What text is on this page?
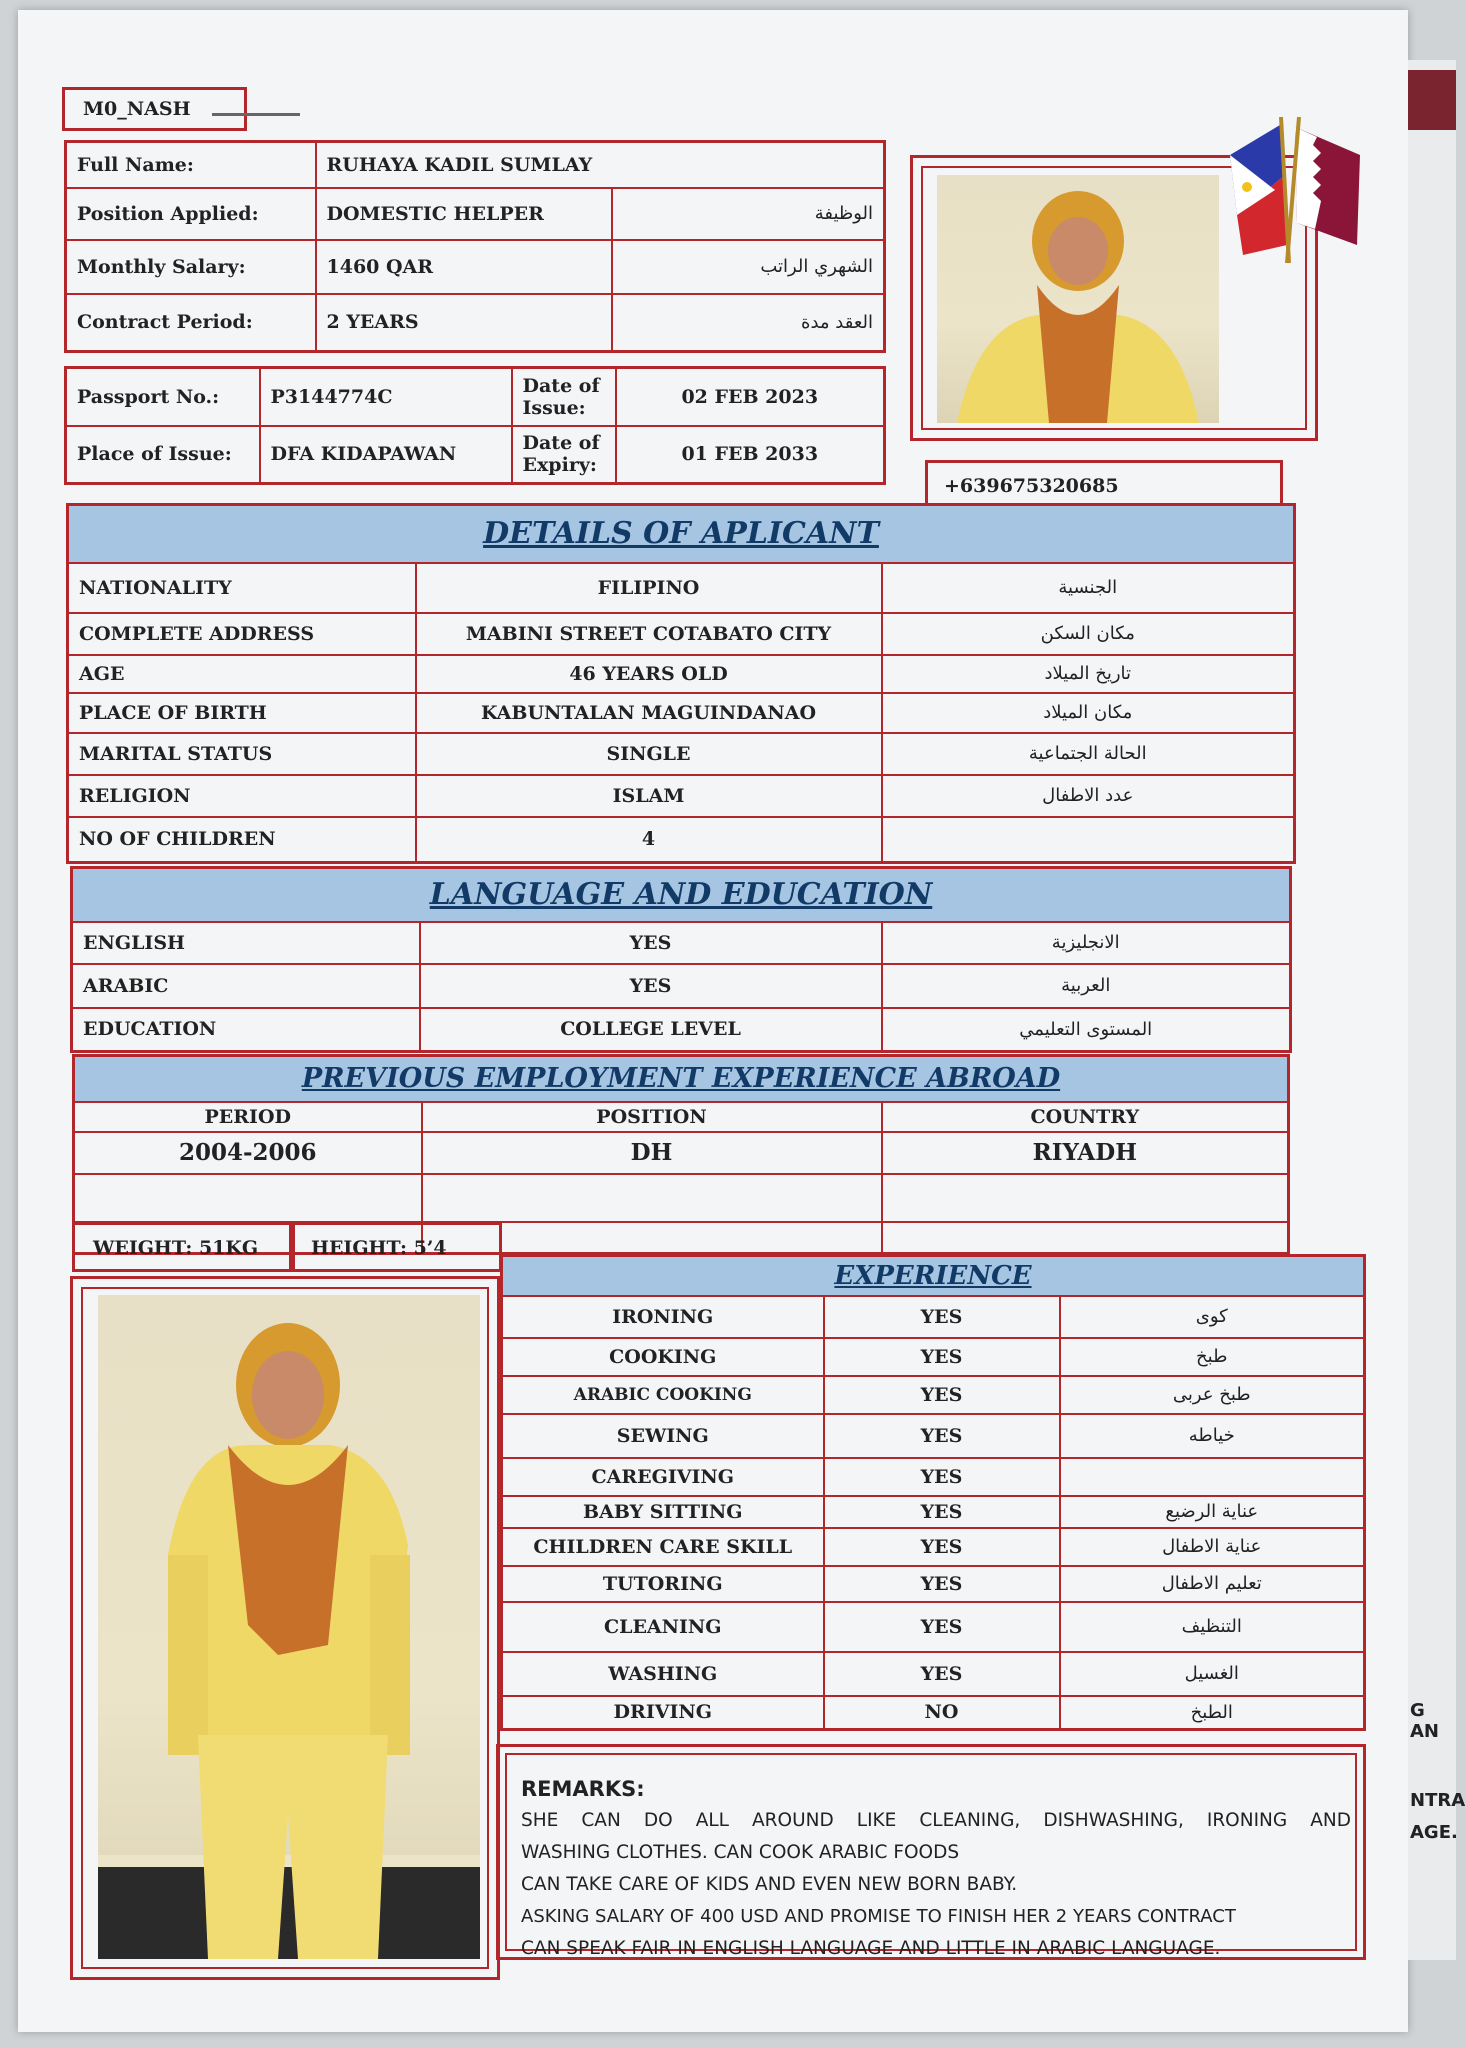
G AN
NTRA
AGE.
M0_NASH
Full Name:	RUHAYA KADIL SUMLAY	
Position Applied:	DOMESTIC HELPER	الوظيفة
Monthly Salary:	1460 QAR	الشهري الراتب
Contract Period:	2 YEARS	العقد مدة
Passport No.:	P3144774C	Date of Issue:	02 FEB 2023
Place of Issue:	DFA KIDAPAWAN	Date of Expiry:	01 FEB 2033
+639675320685
DETAILS OF APLICANT		
NATIONALITY	FILIPINO	الجنسية
COMPLETE ADDRESS	MABINI STREET COTABATO CITY	مكان السكن
AGE	46 YEARS OLD	تاريخ الميلاد
PLACE OF BIRTH	KABUNTALAN MAGUINDANAO	مكان الميلاد
MARITAL STATUS	SINGLE	الحالة الجتماعية
RELIGION	ISLAM	عدد الاطفال
NO OF CHILDREN	4	
LANGUAGE AND EDUCATION		
ENGLISH	YES	الانجليزية
ARABIC	YES	العربية
EDUCATION	COLLEGE LEVEL	المستوى التعليمي
PREVIOUS EMPLOYMENT EXPERIENCE ABROAD		
PERIOD	POSITION	COUNTRY
2004-2006	DH	RIYADH

WEIGHT: 51KG	HEIGHT: 5’4
EXPERIENCE		
IRONING	YES	كوى
COOKING	YES	طبخ
ARABIC COOKING	YES	طبخ عربى
SEWING	YES	خياطه
CAREGIVING	YES	
BABY SITTING	YES	عناية الرضيع
CHILDREN CARE SKILL	YES	عناية الاطفال
TUTORING	YES	تعليم الاطفال
CLEANING	YES	التنظيف
WASHING	YES	الغسيل
DRIVING	NO	الطبخ
REMARKS:
SHE CAN DO ALL AROUND LIKE CLEANING, DISHWASHING, IRONING AND
WASHING CLOTHES. CAN COOK ARABIC FOODS
CAN TAKE CARE OF KIDS AND EVEN NEW BORN BABY.
ASKING SALARY OF 400 USD AND PROMISE TO FINISH HER 2 YEARS CONTRACT
CAN SPEAK FAIR IN ENGLISH LANGUAGE AND LITTLE IN ARABIC LANGUAGE.
